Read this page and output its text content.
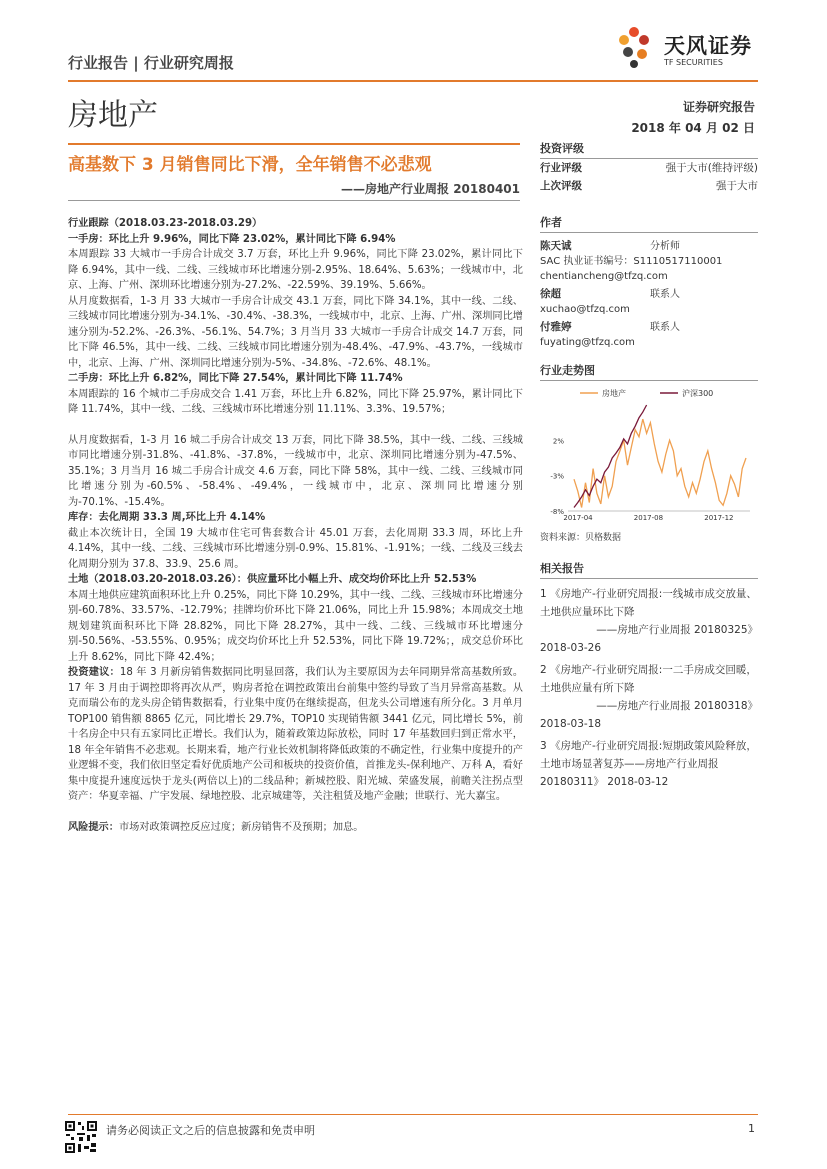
行业报告 | 行业研究周报
天风证券
TF SECURITIES
房地产	证券研究报告
2018 年 04 月 02 日
高基数下 3 月销售同比下滑，全年销售不必悲观
——房地产行业周报 20180401

行业跟踪（2018.03.23-2018.03.29）

一手房：环比上升 9.96%，同比下降 23.02%，累计同比下降 6.94%

本周跟踪 33 大城市一手房合计成交 3.7 万套，环比上升 9.96%，同比下降 23.02%，累计同比下降 6.94%，其中一线、二线、三线城市环比增速分别-2.95%、18.64%、5.63%；一线城市中，北京、上海、广州、深圳环比增速分别为-27.2%、-22.59%、39.19%、5.66%。

从月度数据看，1-3 月 33 大城市一手房合计成交 43.1 万套，同比下降 34.1%，其中一线、二线、三线城市同比增速分别为-34.1%、-30.4%、-38.3%，一线城市中，北京、上海、广州、深圳同比增速分别为-52.2%、-26.3%、-56.1%、54.7%；3 月当月 33 大城市一手房合计成交 14.7 万套，同比下降 46.5%，其中一线、二线、三线城市同比增速分别为-48.4%、-47.9%、-43.7%，一线城市中，北京、上海、广州、深圳同比增速分别为-5%、-34.8%、-72.6%、48.1%。

二手房：环比上升 6.82%，同比下降 27.54%，累计同比下降 11.74%

本周跟踪的 16 个城市二手房成交合 1.41 万套，环比上升 6.82%，同比下降 25.97%，累计同比下降 11.74%，其中一线、二线、三线城市环比增速分别 11.11%、3.3%、19.57%；

从月度数据看，1-3 月 16 城二手房合计成交 13 万套，同比下降 38.5%，其中一线、二线、三线城市同比增速分别-31.8%、-41.8%、-37.8%，一线城市中，北京、深圳同比增速分别为-47.5%、35.1%；3 月当月 16 城二手房合计成交 4.6 万套，同比下降 58%，其中一线、二线、三线城市同比增速分别为-60.5%、-58.4%、-49.4%，一线城市中，北京、深圳同比增速分别为-70.1%、-15.4%。

库存：去化周期 33.3 周,环比上升 4.14%

截止本次统计日，全国 19 大城市住宅可售套数合计 45.01 万套，去化周期 33.3 周，环比上升 4.14%，其中一线、二线、三线城市环比增速分别-0.9%、15.81%、-1.91%；一线、二线及三线去化周期分别为 37.8、33.9、25.6 周。

土地（2018.03.20-2018.03.26）：供应量环比小幅上升、成交均价环比上升 52.53%

本周土地供应建筑面积环比上升 0.25%，同比下降 10.29%，其中一线、二线、三线城市环比增速分别-60.78%、33.57%、-12.79%；挂牌均价环比下降 21.06%，同比上升 15.98%；本周成交土地规划建筑面积环比下降 28.82%，同比下降 28.27%，其中一线、二线、三线城市环比增速分别-50.56%、-53.55%、0.95%；成交均价环比上升 52.53%，同比下降 19.72%；，成交总价环比上升 8.62%，同比下降 42.4%；

投资建议：18 年 3 月新房销售数据同比明显回落，我们认为主要原因为去年同期异常高基数所致。17 年 3 月由于调控即将再次从严，购房者抢在调控政策出台前集中签约导致了当月异常高基数。从克而瑞公布的龙头房企销售数据看，行业集中度仍在继续提高，但龙头公司增速有所分化。3 月单月 TOP100 销售额 8865 亿元，同比增长 29.7%，TOP10 实现销售额 3441 亿元，同比增长 5%，前十名房企中只有五家同比正增长。我们认为，随着政策边际放松，同时 17 年基数回归到正常水平，18 年全年销售不必悲观。长期来看，地产行业长效机制将降低政策的不确定性，行业集中度提升的产业逻辑不变，我们依旧坚定看好优质地产公司和板块的投资价值，首推龙头-保利地产、万科 A，看好集中度提升速度远快于龙头(两倍以上)的二线品种；新城控股、阳光城、荣盛发展，前瞻关注拐点型资产：华夏幸福、广宇发展、绿地控股、北京城建等，关注租赁及地产金融；世联行、光大嘉宝。

风险提示：市场对政策调控反应过度；新房销售不及预期；加息。

投资评级
行业评级	强于大市(维持评级)
上次评级	强于大市
作者
陈天诚	分析师
SAC 执业证书编号：S1110517110001
chentiancheng@tfzq.com
徐超	联系人
xuchao@tfzq.com
付雅婷	联系人
fuyating@tfzq.com
行业走势图
2%
-3%
-8%
2017-04	2017-08	2017-12
房地产	沪深300
资料来源：贝格数据
相关报告
1 《房地产-行业研究周报:一线城市成交放量、土地供应量环比下降
——房地产行业周报 20180325》
2018-03-26
2 《房地产-行业研究周报:一二手房成交回暖，土地供应量有所下降
——房地产行业周报 20180318》
2018-03-18
3 《房地产-行业研究周报:短期政策风险释放，土地市场显著复苏——房地产行业周报 20180311》 2018-03-12
请务必阅读正文之后的信息披露和免责申明	1
